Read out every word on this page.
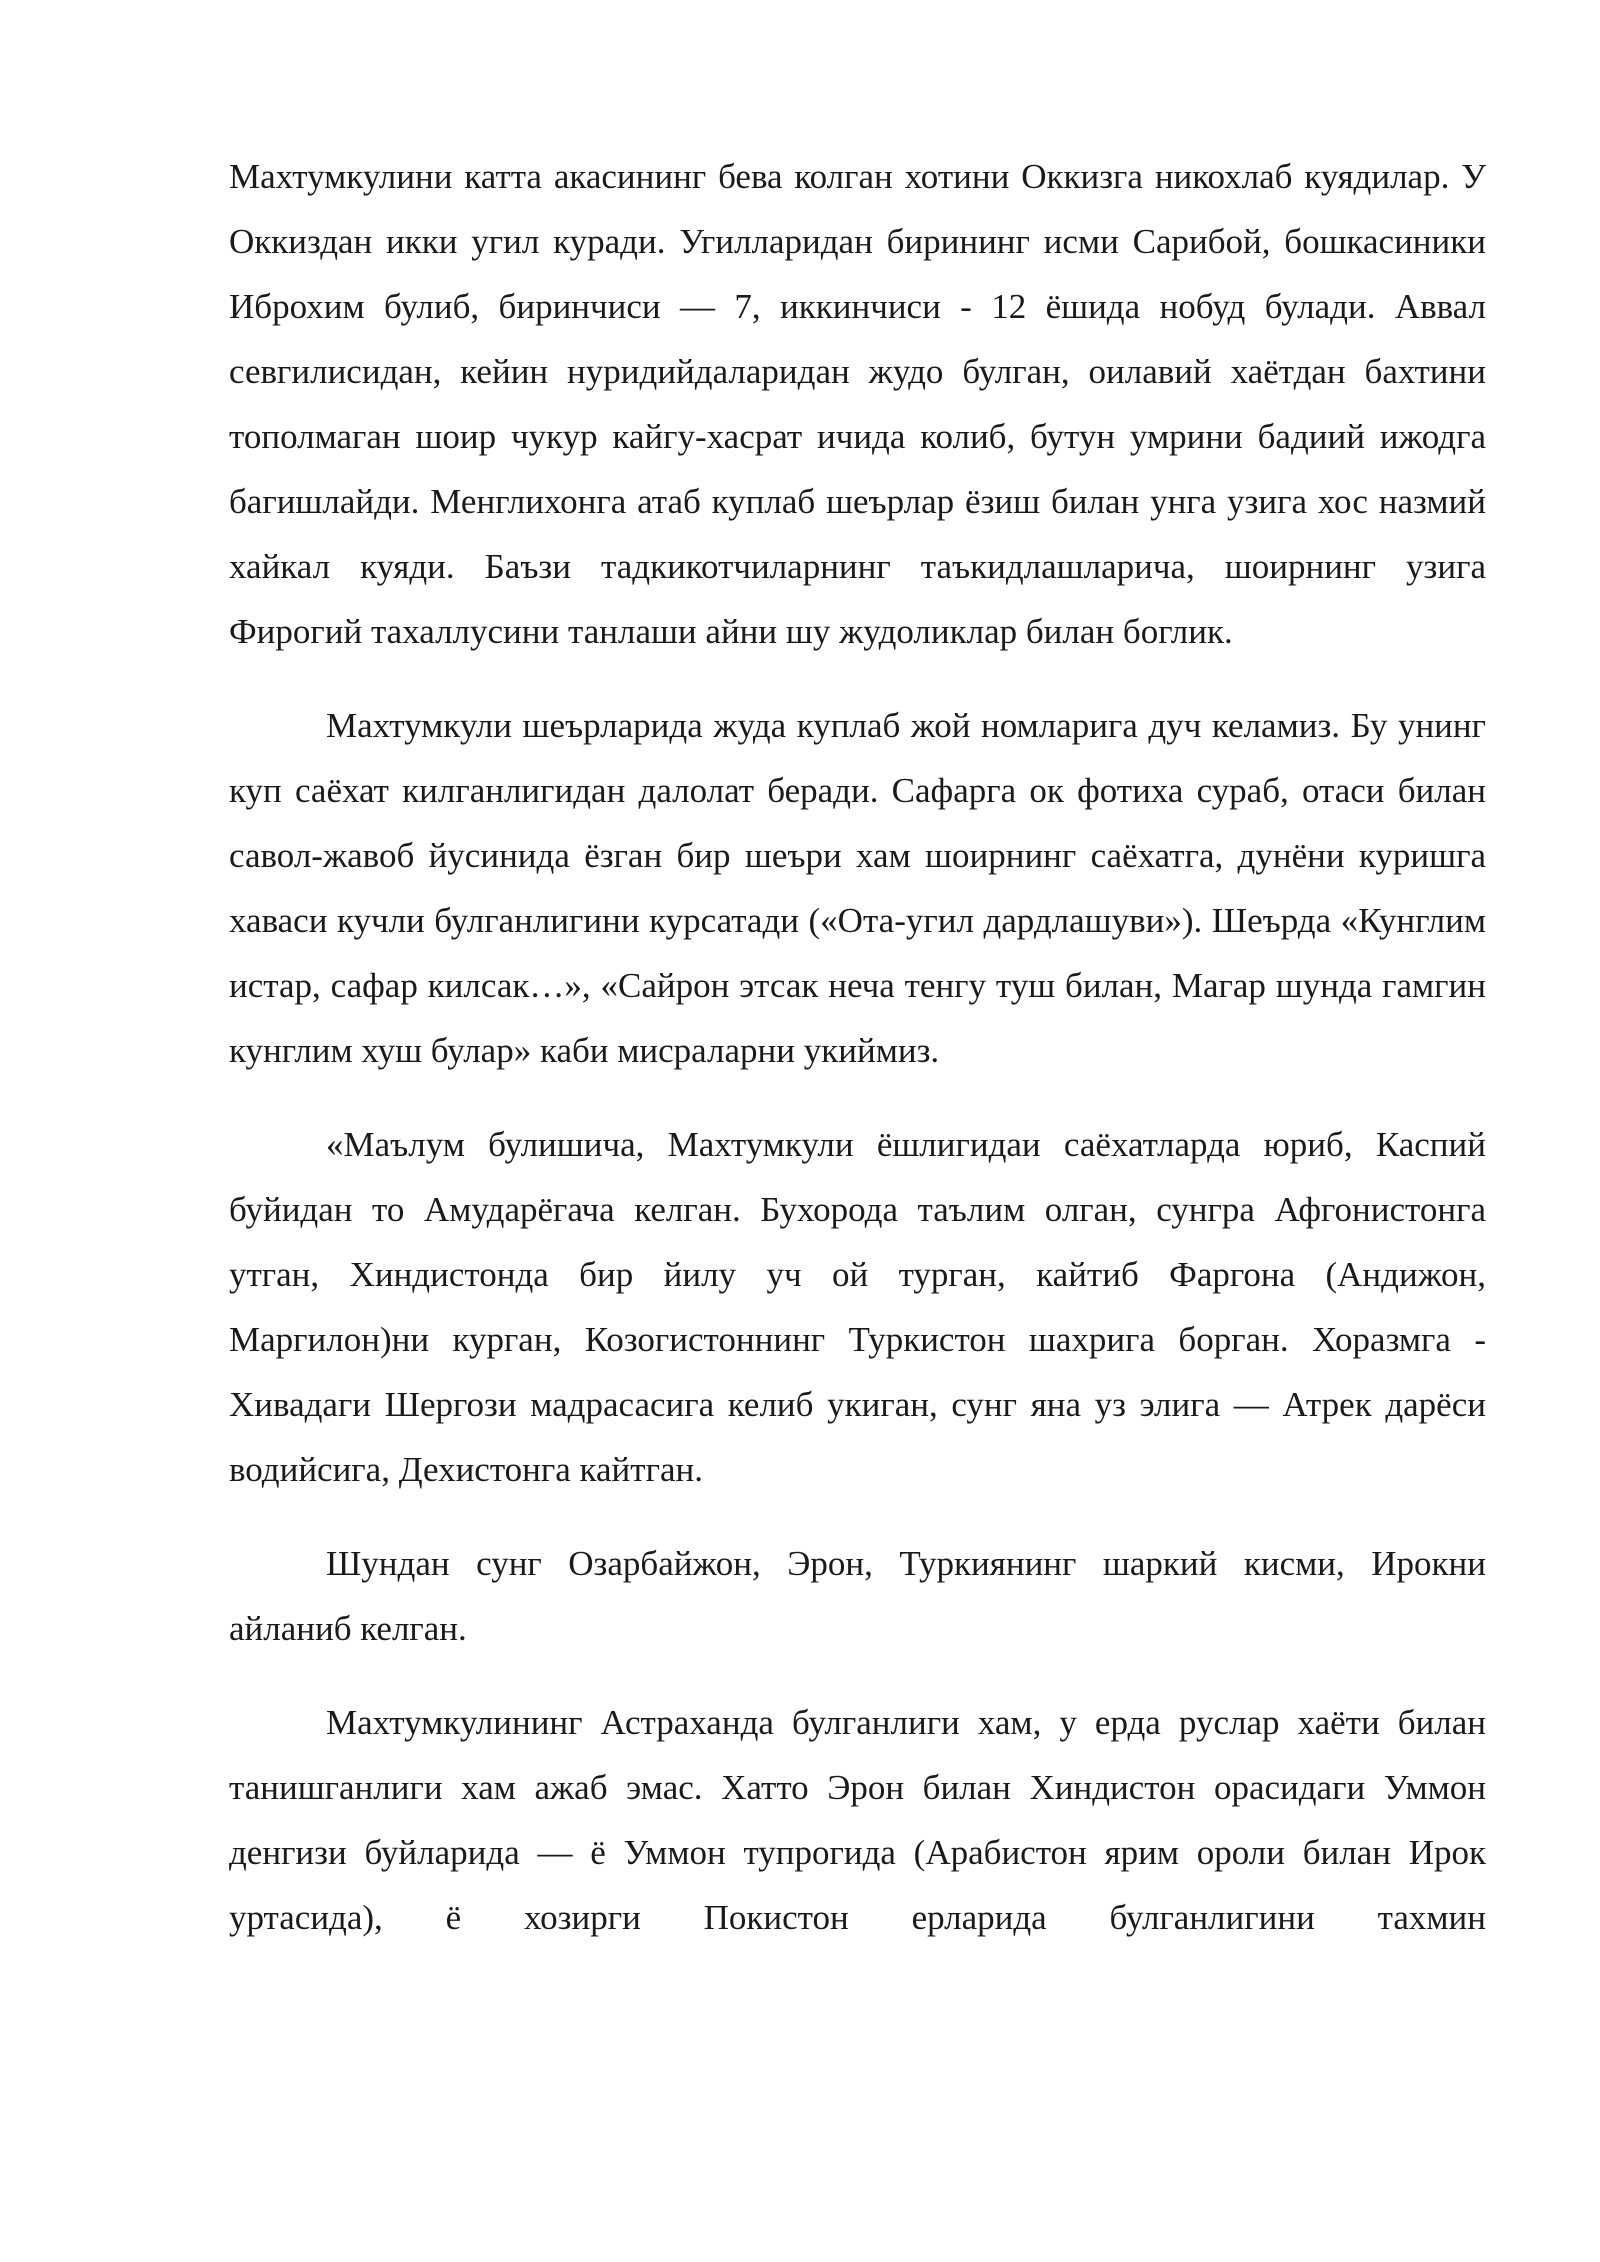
Махтумкулини катта акасининг бева колган хотини Оккизга никохлаб куядилар. У Оккиздан икки угил куради. Угилларидан бирининг исми Сарибой, бошкасиники Иброхим булиб, биринчиси — 7, иккинчиси - 12 ёшида нобуд булади. Аввал севгилисидан, кейин нуридийдаларидан жудо булган, оилавий хаётдан бахтини тополмаган шоир чукур кайгу-хасрат ичида колиб, бутун умрини бадиий ижодга багишлайди. Менглихонга атаб куплаб шеърлар ёзиш билан унга узига хос назмий хайкал куяди. Баъзи тадкикотчиларнинг таъкидлашларича, шоирнинг узига Фирогий тахаллусини танлаши айни шу жудоликлар билан боглик.

Махтумкули шеърларида жуда куплаб жой номларига дуч келамиз. Бу унинг куп саёхат килганлигидан далолат беради. Сафарга ок фотиха сураб, отаси билан савол-жавоб йусинида ёзган бир шеъри хам шоирнинг саёхатга, дунёни куришга хаваси кучли булганлигини курсатади («Ота-угил дардлашуви»). Шеърда «Кунглим истар, сафар килсак…», «Сайрон этсак неча тенгу туш билан, Магар шунда гамгин кунглим хуш булар» каби мисраларни укиймиз.

«Маълум булишича, Махтумкули ёшлигидаи саёхатларда юриб, Каспий буйидан то Амударёгача келган. Бухорода таълим олган, сунгра Афгонистонга утган, Хиндистонда бир йилу уч ой турган, кайтиб Фаргона (Андижон, Маргилон)ни курган, Козогистоннинг Туркистон шахрига борган. Хоразмга - Хивадаги Шергози мадрасасига келиб укиган, сунг яна уз элига — Атрек дарёси водийсига, Дехистонга кайтган.

Шундан сунг Озарбайжон, Эрон, Туркиянинг шаркий кисми, Ирокни айланиб келган.

Махтумкулининг Астраханда булганлиги хам, у ерда руслар хаёти билан танишганлиги хам ажаб эмас. Хатто Эрон билан Хиндистон орасидаги Уммон денгизи буйларида — ё Уммон тупрогида (Арабистон ярим ороли билан Ирок уртасида), ё хозирги Покистон ерларида булганлигини тахмин
